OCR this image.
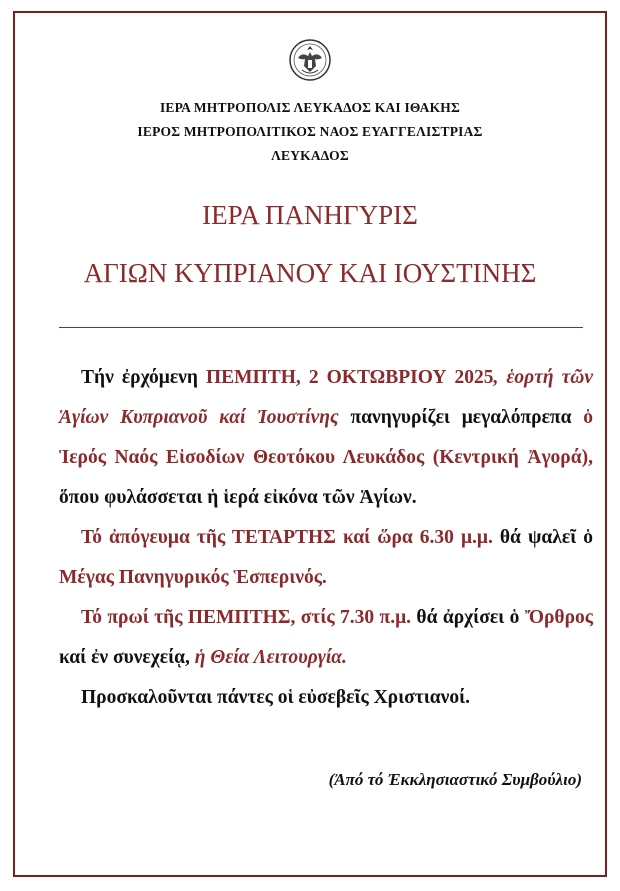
ΙΕΡΑ ΜΗΤΡΟΠΟΛΙΣ ΛΕΥΚΑΔΟΣ ΚΑΙ ΙΘΑΚΗΣ
ΙΕΡΟΣ ΜΗΤΡΟΠΟΛΙΤΙΚΟΣ ΝΑΟΣ ΕΥΑΓΓΕΛΙΣΤΡΙΑΣ
ΛΕΥΚΑΔΟΣ
ΙΕΡΑ ΠΑΝΗΓΥΡΙΣ
ΑΓΙΩΝ ΚΥΠΡΙΑΝΟΥ ΚΑΙ ΙΟΥΣΤΙΝΗΣ
Τήν ἐρχόμενη ΠΕΜΠΤΗ, 2 ΟΚΤΩΒΡΙΟΥ 2025, ἑορτή τῶν Ἁγίων Κυπριανοῦ καί Ἰουστίνης πανηγυρίζει μεγαλόπρεπα ὁ Ἱερός Ναός Εἰσοδίων Θεοτόκου Λευκάδος (Κεντρική Ἀγορά), ὅπου φυλάσσεται ἡ ἱερά εἰκόνα τῶν Ἁγίων.
Τό ἀπόγευμα τῆς ΤΕΤΑΡΤΗΣ καί ὥρα 6.30 μ.μ. θά ψαλεῖ ὁ Μέγας Πανηγυρικός Ἑσπερινός.
Τό πρωί τῆς ΠΕΜΠΤΗΣ, στίς 7.30 π.μ. θά ἀρχίσει ὁ Ὄρθρος καί ἐν συνεχείᾳ, ἡ Θεία Λειτουργία.
Προσκαλοῦνται πάντες οἱ εὐσεβεῖς Χριστιανοί.
(Ἀπό τό Ἐκκλησιαστικό Συμβούλιο)
